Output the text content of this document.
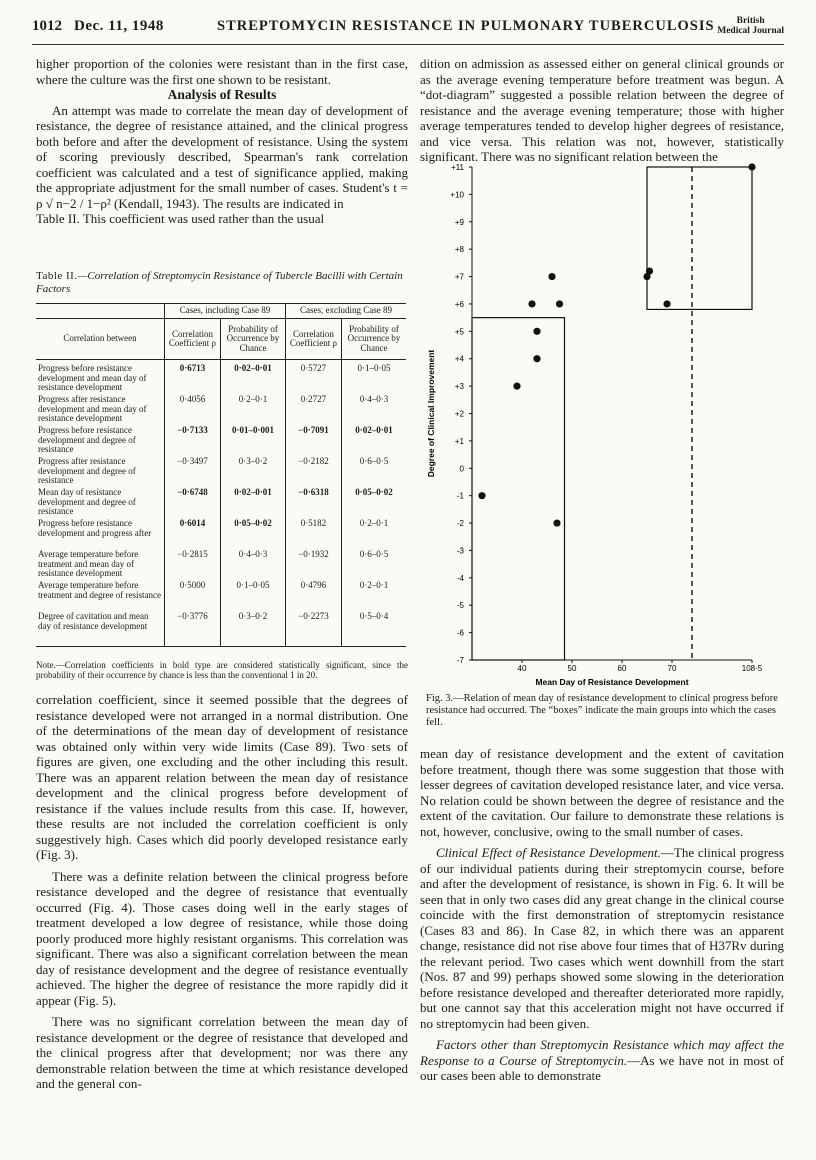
1012 Dec. 11, 1948	STREPTOMYCIN RESISTANCE IN PULMONARY TUBERCULOSIS	British
Medical Journal

higher proportion of the colonies were resistant than in the first case, where the culture was the first one shown to be resistant.

Analysis of Results

An attempt was made to correlate the mean day of development of resistance, the degree of resistance attained, and the clinical progress both before and after the development of resistance. Using the system of scoring previously described, Spearman's rank correlation coefficient was calculated and a test of significance applied, making the appropriate adjustment for the small number of cases. Student's t = ρ √ n−2 / 1−ρ² (Kendall, 1943). The results are indicated in

Table II. This coefficient was used rather than the usual

Table II.—Correlation of Streptomycin Resistance of Tubercle Bacilli with Certain Factors
	Cases, including Case 89		Cases, excluding Case 89	
Correlation between	Correlation Coefficient ρ	Probability of Occurrence by Chance	Correlation Coefficient ρ	Probability of Occurrence by Chance
Progress before resistance development and mean day of resistance development	0·6713	0·02–0·01	0·5727	0·1–0·05
Progress after resistance development and mean day of resistance development	0·4056	0·2–0·1	0·2727	0·4–0·3
Progress before resistance development and degree of resistance	−0·7133	0·01–0·001	−0·7091	0·02–0·01
Progress after resistance development and degree of resistance	−0·3497	0·3–0·2	−0·2182	0·6–0·5
Mean day of resistance development and degree of resistance	−0·6748	0·02–0·01	−0·6318	0·05–0·02
Progress before resistance development and progress after	0·6014	0·05–0·02	0·5182	0·2–0·1
Average temperature before treatment and mean day of resistance development	−0·2815	0·4–0·3	−0·1932	0·6–0·5
Average temperature before treatment and degree of resistance	0·5000	0·1–0·05	0·4796	0·2–0·1
Degree of cavitation and mean day of resistance development	−0·3776	0·3–0·2	−0·2273	0·5–0·4
Note.—Correlation coefficients in bold type are considered statistically significant, since the probability of their occurrence by chance is less than the conventional 1 in 20.

correlation coefficient, since it seemed possible that the degrees of resistance developed were not arranged in a normal distribution. One of the determinations of the mean day of development of resistance was obtained only within very wide limits (Case 89). Two sets of figures are given, one excluding and the other including this result. There was an apparent relation between the mean day of resistance development and the clinical progress before development of resistance if the values include results from this case. If, however, these results are not included the correlation coefficient is only suggestively high. Cases which did poorly developed resistance early (Fig. 3).

There was a definite relation between the clinical progress before resistance developed and the degree of resistance that eventually occurred (Fig. 4). Those cases doing well in the early stages of treatment developed a low degree of resistance, while those doing poorly produced more highly resistant organisms. This correlation was significant. There was also a significant correlation between the mean day of resistance development and the degree of resistance eventually achieved. The higher the degree of resistance the more rapidly did it appear (Fig. 5).

There was no significant correlation between the mean day of resistance development or the degree of resistance that developed and the clinical progress after that development; nor was there any demonstrable relation between the time at which resistance developed and the general con-

dition on admission as assessed either on general clinical grounds or as the average evening temperature before treatment was begun. A “dot-diagram” suggested a possible relation between the degree of resistance and the average evening temperature; those with higher average temperatures tended to develop higher degrees of resistance, and vice versa. This relation was not, however, statistically significant. There was no significant relation between the

+11
+10
+9
+8
+7
+6
+5
+4
+3
+2
+1
0
-1
-2
-3
-4
-5
-6
-7
40	50	60	70	108·5
Mean Day of Resistance Development
Degree of Clinical Improvement
Fig. 3.—Relation of mean day of resistance development to clinical progress before resistance had occurred. The “boxes” indicate the main groups into which the cases fell.

mean day of resistance development and the extent of cavitation before treatment, though there was some suggestion that those with lesser degrees of cavitation developed resistance later, and vice versa. No relation could be shown between the degree of resistance and the extent of the cavitation. Our failure to demonstrate these relations is not, however, conclusive, owing to the small number of cases.

Clinical Effect of Resistance Development.—The clinical progress of our individual patients during their streptomycin course, before and after the development of resistance, is shown in Fig. 6. It will be seen that in only two cases did any great change in the clinical course coincide with the first demonstration of streptomycin resistance (Cases 83 and 86). In Case 82, in which there was an apparent change, resistance did not rise above four times that of H37Rv during the relevant period. Two cases which went downhill from the start (Nos. 87 and 99) perhaps showed some slowing in the deterioration before resistance developed and thereafter deteriorated more rapidly, but one cannot say that this acceleration might not have occurred if no streptomycin had been given.

Factors other than Streptomycin Resistance which may affect the Response to a Course of Streptomycin.—As we have not in most of our cases been able to demonstrate
